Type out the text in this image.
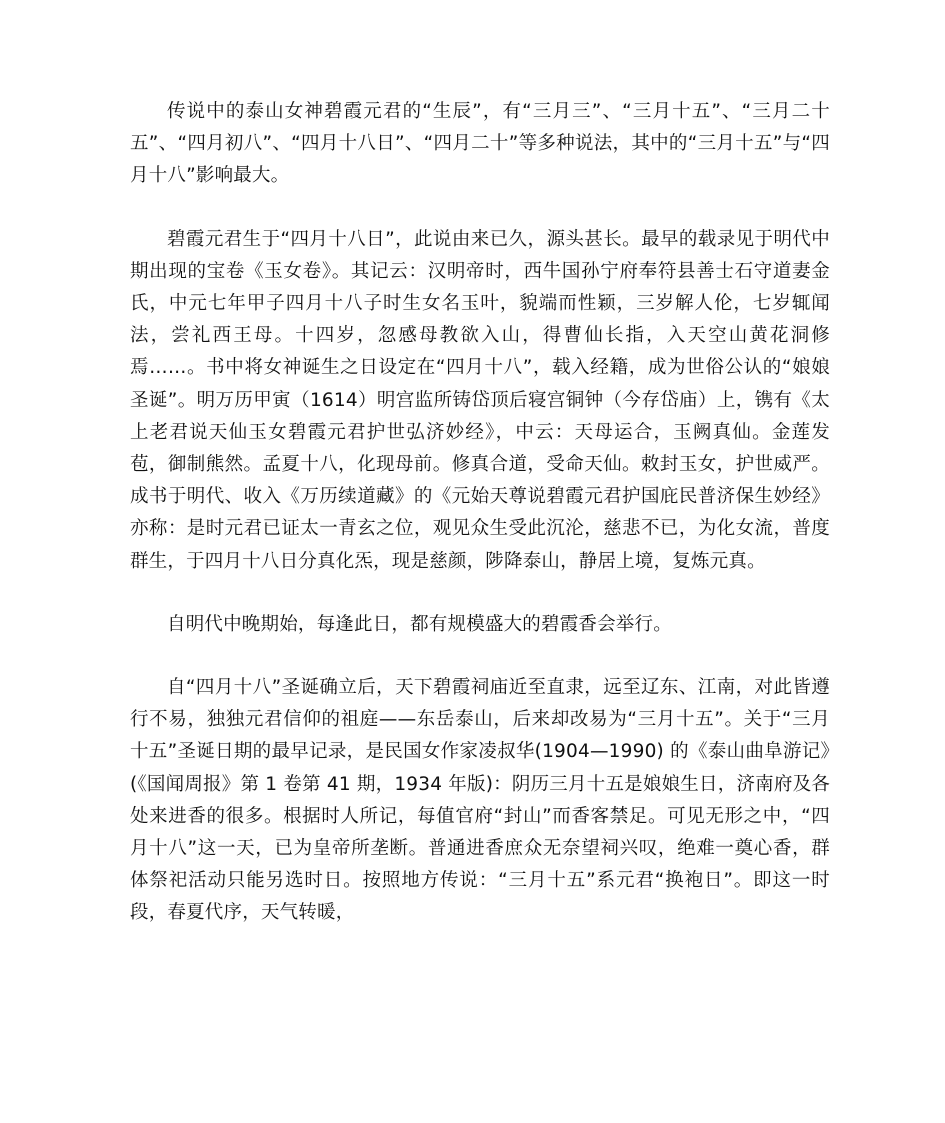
传说中的泰山女神碧霞元君的“生辰”，有“三月三”、“三月十五”、“三月二十五”、“四月初八”、“四月十八日”、“四月二十”等多种说法，其中的“三月十五”与“四月十八”影响最大。

碧霞元君生于“四月十八日”，此说由来已久，源头甚长。最早的载录见于明代中期出现的宝卷《玉女卷》。其记云：汉明帝时，西牛国孙宁府奉符县善士石守道妻金氏，中元七年甲子四月十八子时生女名玉叶，貌端而性颖，三岁解人伦，七岁辄闻法，尝礼西王母。十四岁，忽感母教欲入山，得曹仙长指，入天空山黄花洞修焉……。书中将女神诞生之日设定在“四月十八”，载入经籍，成为世俗公认的“娘娘圣诞”。明万历甲寅（1614）明宫监所铸岱顶后寝宫铜钟（今存岱庙）上，镌有《太上老君说天仙玉女碧霞元君护世弘济妙经》，中云：天母运合，玉阙真仙。金莲发苞，御制熊然。孟夏十八，化现母前。修真合道，受命天仙。敕封玉女，护世威严。成书于明代、收入《万历续道藏》的《元始天尊说碧霞元君护国庇民普济保生妙经》亦称：是时元君已证太一青玄之位，观见众生受此沉沦，慈悲不已，为化女流，普度群生，于四月十八日分真化炁，现是慈颜，陟降泰山，静居上境，复炼元真。

自明代中晚期始，每逢此日，都有规模盛大的碧霞香会举行。

自“四月十八”圣诞确立后，天下碧霞祠庙近至直隶，远至辽东、江南，对此皆遵行不易，独独元君信仰的祖庭——东岳泰山，后来却改易为“三月十五”。关于“三月十五”圣诞日期的最早记录，是民国女作家凌叔华(1904—1990) 的《泰山曲阜游记》(《国闻周报》第 1 卷第 41 期，1934 年版)：阴历三月十五是娘娘生日，济南府及各处来进香的很多。根据时人所记，每值官府“封山”而香客禁足。可见无形之中，“四月十八”这一天，已为皇帝所垄断。普通进香庶众无奈望祠兴叹，绝难一奠心香，群体祭祀活动只能另选时日。按照地方传说：“三月十五”系元君“换袍日”。即这一时段，春夏代序，天气转暖，
